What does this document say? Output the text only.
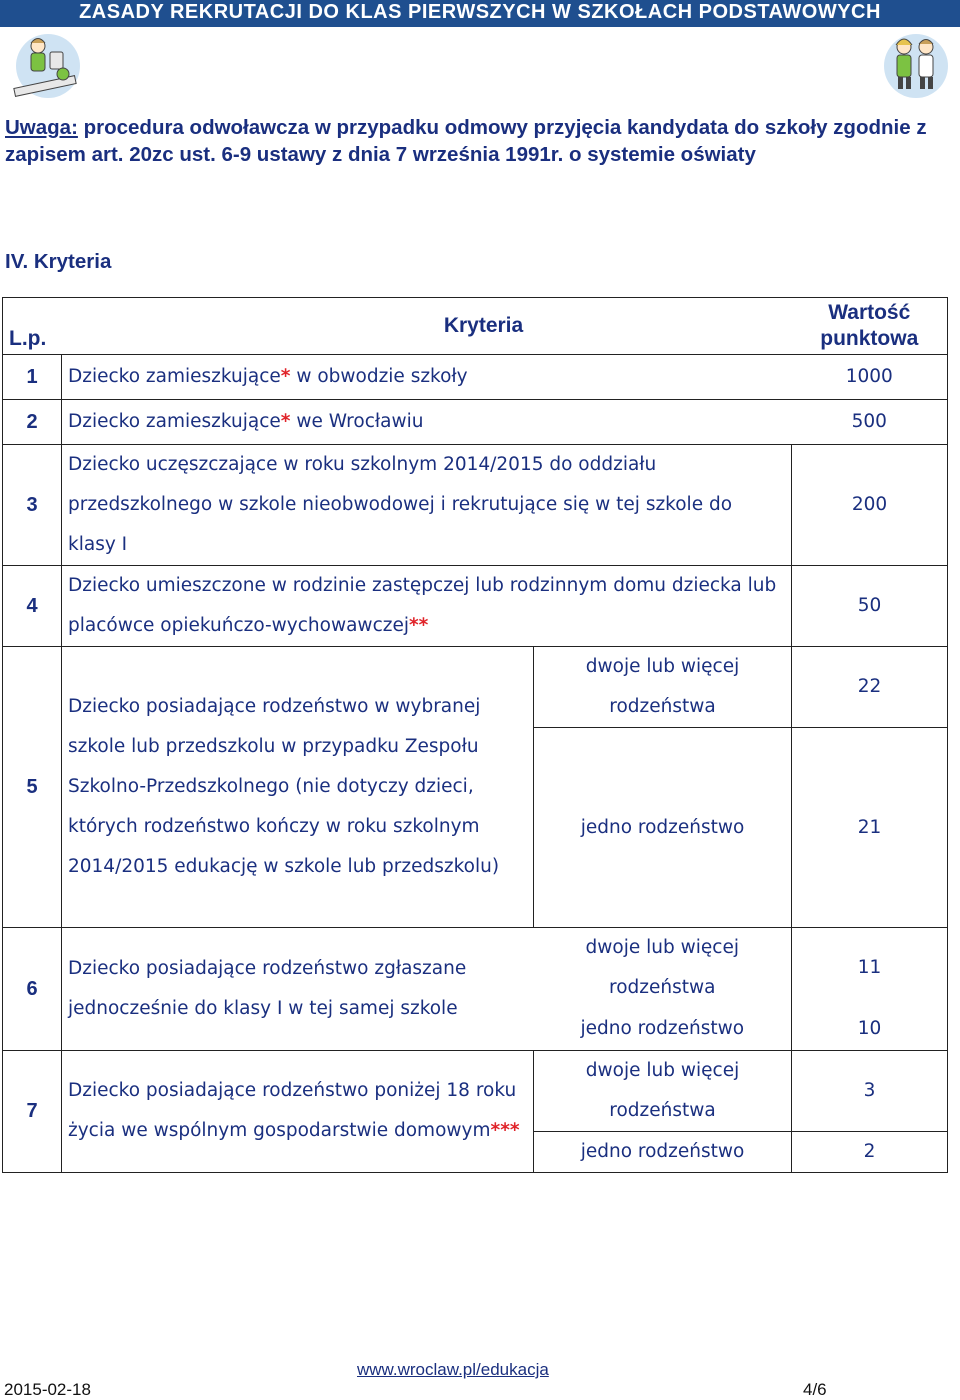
ZASADY REKRUTACJI DO KLAS PIERWSZYCH W SZKOŁACH PODSTAWOWYCH
Uwaga: procedura odwoławcza w przypadku odmowy przyjęcia kandydata do szkoły zgodnie z zapisem art. 20zc ust. 6-9 ustawy z dnia 7 września 1991r. o systemie oświaty
IV. Kryteria
L.p.	Kryteria		Wartość punktowa
1	Dziecko zamieszkujące* w obwodzie szkoły		1000
2	Dziecko zamieszkujące* we Wrocławiu		500
3	Dziecko uczęszczające w roku szkolnym 2014/2015 do oddziału przedszkolnego w szkole nieobwodowej i rekrutujące się w tej szkole do klasy I		200
4	Dziecko umieszczone w rodzinie zastępczej lub rodzinnym domu dziecka lub placówce opiekuńczo-wychowawczej**		50
5	Dziecko posiadające rodzeństwo w wybranej szkole lub przedszkolu w przypadku Zespołu Szkolno-Przedszkolnego (nie dotyczy dzieci, których rodzeństwo kończy w roku szkolnym 2014/2015 edukację w szkole lub przedszkolu)	dwoje lub więcej rodzeństwa	22
		jedno rodzeństwo	21
6	Dziecko posiadające rodzeństwo zgłaszane jednocześnie do klasy I w tej samej szkole	dwoje lub więcej rodzeństwa	11
		jedno rodzeństwo	10
7	Dziecko posiadające rodzeństwo poniżej 18 roku życia we wspólnym gospodarstwie domowym***	dwoje lub więcej rodzeństwa	3
		jedno rodzeństwo	2
www.wroclaw.pl/edukacja
2015-02-18	4/6
